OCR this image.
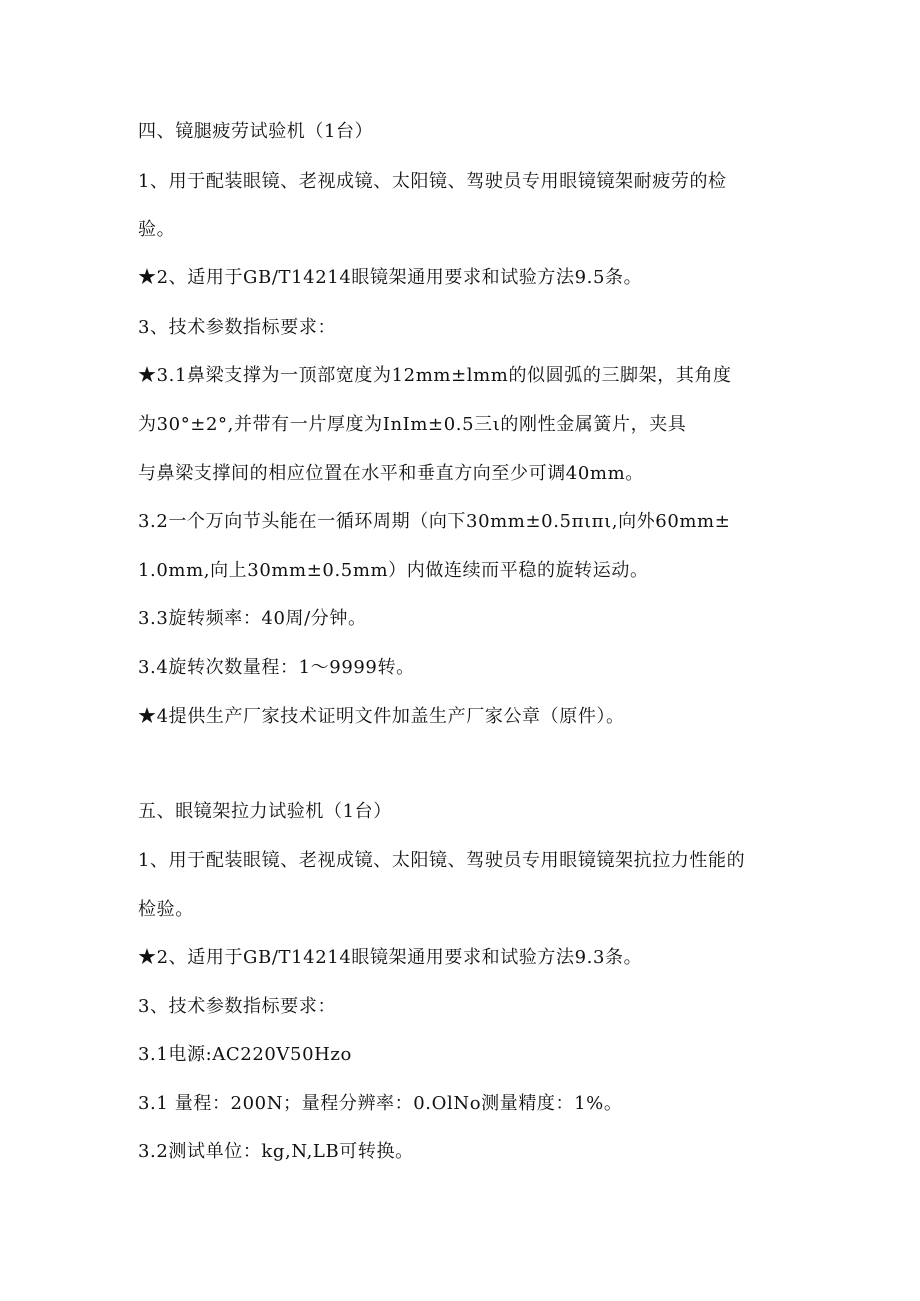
四、镜腿疲劳试验机（1台）
1、用于配装眼镜、老视成镜、太阳镜、驾驶员专用眼镜镜架耐疲劳的检
验。
★2、适用于GB/T14214眼镜架通用要求和试验方法9.5条。
3、技术参数指标要求：
★3.1鼻梁支撑为一顶部宽度为12mm±lmm的似圆弧的三脚架，其角度
为30°±2°,并带有一片厚度为InIm±0.5三ι的刚性金属簧片，夹具
与鼻梁支撑间的相应位置在水平和垂直方向至少可调40mm。
3.2一个万向节头能在一循环周期（向下30mm±0.5πιπι,向外60mm±
1.0mm,向上30mm±0.5mm）内做连续而平稳的旋转运动。
3.3旋转频率：40周/分钟。
3.4旋转次数量程：1～9999转。
★4提供生产厂家技术证明文件加盖生产厂家公章（原件）。
五、眼镜架拉力试验机（1台）
1、用于配装眼镜、老视成镜、太阳镜、驾驶员专用眼镜镜架抗拉力性能的
检验。
★2、适用于GB/T14214眼镜架通用要求和试验方法9.3条。
3、技术参数指标要求：
3.1电源:AC220V50Hzo
3.1 量程：200N；量程分辨率：0.OlNo测量精度：1%。
3.2测试单位：kg,N,LB可转换。
